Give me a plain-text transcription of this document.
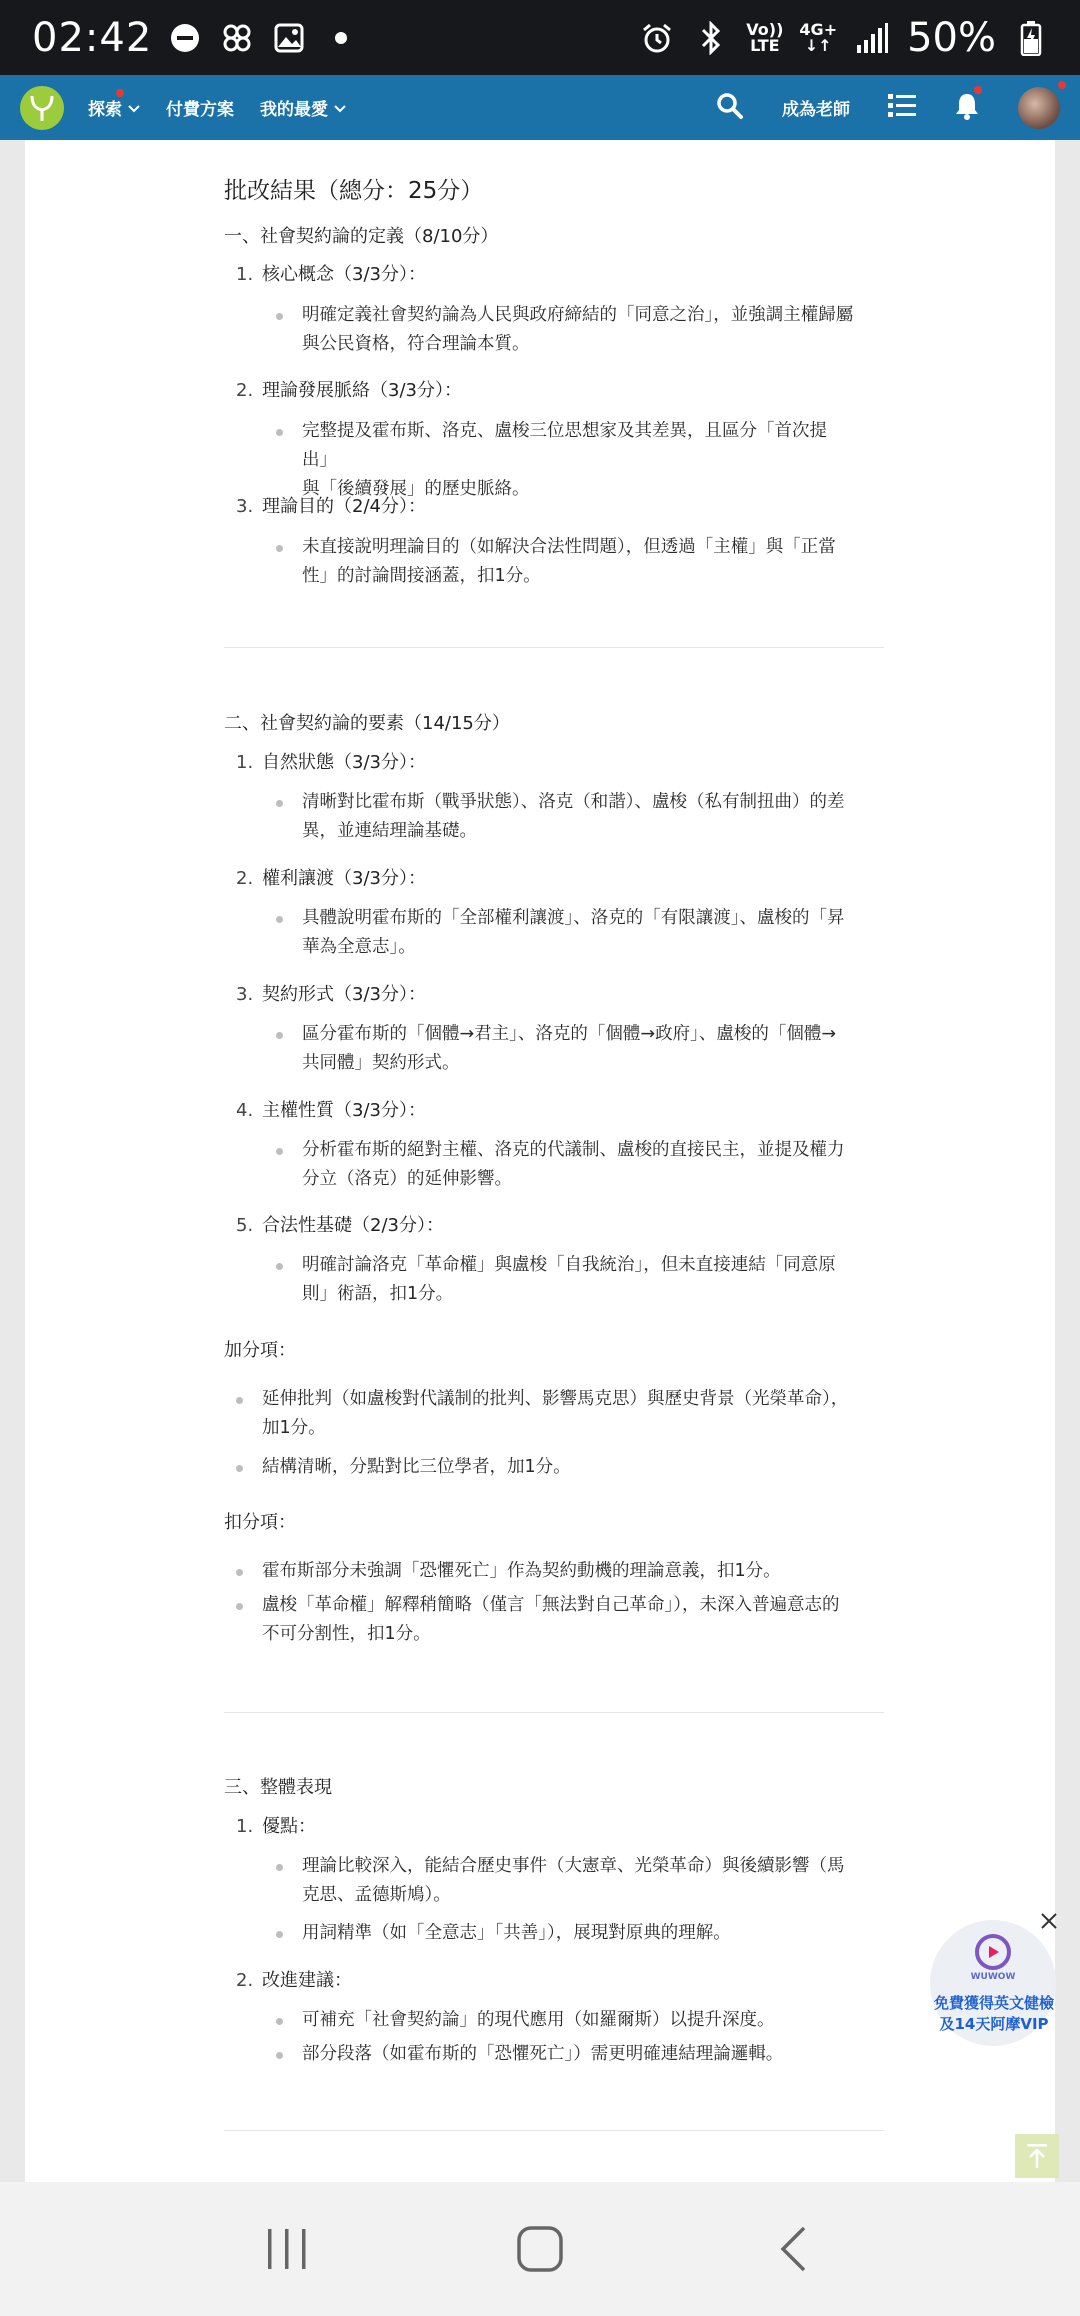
02:42	Vo))
LTE
4G+
↓↑ 50%
探索	付費方案 我的最愛	成為老師
批改結果（總分：25分）
一、社會契約論的定義（8/10分）
1. 核心概念（3/3分）：
明確定義社會契約論為人民與政府締結的「同意之治」，並強調主權歸屬
與公民資格，符合理論本質。
2. 理論發展脈絡（3/3分）：
完整提及霍布斯、洛克、盧梭三位思想家及其差異，且區分「首次提出」
與「後續發展」的歷史脈絡。
3. 理論目的（2/4分）：
未直接說明理論目的（如解決合法性問題），但透過「主權」與「正當
性」的討論間接涵蓋，扣1分。
二、社會契約論的要素（14/15分）
1. 自然狀態（3/3分）：
清晰對比霍布斯（戰爭狀態）、洛克（和諧）、盧梭（私有制扭曲）的差
異，並連結理論基礎。
2. 權利讓渡（3/3分）：
具體說明霍布斯的「全部權利讓渡」、洛克的「有限讓渡」、盧梭的「昇
華為全意志」。
3. 契約形式（3/3分）：
區分霍布斯的「個體→君主」、洛克的「個體→政府」、盧梭的「個體→
共同體」契約形式。
4. 主權性質（3/3分）：
分析霍布斯的絕對主權、洛克的代議制、盧梭的直接民主，並提及權力
分立（洛克）的延伸影響。
5. 合法性基礎（2/3分）：
明確討論洛克「革命權」與盧梭「自我統治」，但未直接連結「同意原
則」術語，扣1分。
加分項：
延伸批判（如盧梭對代議制的批判、影響馬克思）與歷史背景（光榮革命），
加1分。
結構清晰，分點對比三位學者，加1分。
扣分項：
霍布斯部分未強調「恐懼死亡」作為契約動機的理論意義，扣1分。
盧梭「革命權」解釋稍簡略（僅言「無法對自己革命」），未深入普遍意志的
不可分割性，扣1分。
三、整體表現
1. 優點：
理論比較深入，能結合歷史事件（大憲章、光榮革命）與後續影響（馬
克思、孟德斯鳩）。
用詞精準（如「全意志」「共善」），展現對原典的理解。
2. 改進建議：
可補充「社會契約論」的現代應用（如羅爾斯）以提升深度。
部分段落（如霍布斯的「恐懼死亡」）需更明確連結理論邏輯。
WUWOW
免費獲得英文健檢
及14天阿摩VIP
